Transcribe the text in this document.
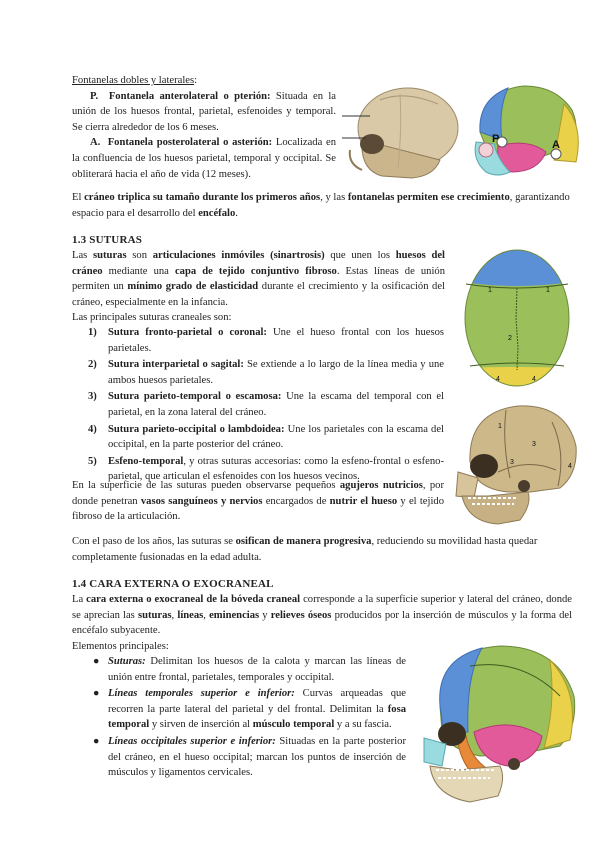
Fontanelas dobles y laterales:
P. Fontanela anterolateral o pterión: Situada en la unión de los huesos frontal, parietal, esfenoides y temporal. Se cierra alrededor de los 6 meses.
A. Fontanela posterolateral o asterión: Localizada en la confluencia de los huesos parietal, temporal y occipital. Se obliterará hacia el año de vida (12 meses).
P	A
El cráneo triplica su tamaño durante los primeros años, y las fontanelas permiten ese crecimiento, garantizando espacio para el desarrollo del encéfalo.
1.3 SUTURAS
Las suturas son articulaciones inmóviles (sinartrosis) que unen los huesos del cráneo mediante una capa de tejido conjuntivo fibroso. Estas líneas de unión permiten un mínimo grado de elasticidad durante el crecimiento y la osificación del cráneo, especialmente en la infancia.
Las principales suturas craneales son:
1) Sutura fronto-parietal o coronal: Une el hueso frontal con los huesos parietales.
2) Sutura interparietal o sagital: Se extiende a lo largo de la línea media y une ambos huesos parietales.
3) Sutura parieto-temporal o escamosa: Une la escama del temporal con el parietal, en la zona lateral del cráneo.
4) Sutura parieto-occipital o lambdoidea: Une los parietales con la escama del occipital, en la parte posterior del cráneo.
5) Esfeno-temporal, y otras suturas accesorias: como la esfeno-frontal o esfeno-parietal, que articulan el esfenoides con los huesos vecinos.
1	1
2
4	4
1
3
3
4
En la superficie de las suturas pueden observarse pequeños agujeros nutricios, por donde penetran vasos sanguíneos y nervios encargados de nutrir el hueso y el tejido fibroso de la articulación.
Con el paso de los años, las suturas se osifican de manera progresiva, reduciendo su movilidad hasta quedar completamente fusionadas en la edad adulta.
1.4 CARA EXTERNA O EXOCRANEAL
La cara externa o exocraneal de la bóveda craneal corresponde a la superficie superior y lateral del cráneo, donde se aprecian las suturas, líneas, eminencias y relieves óseos producidos por la inserción de músculos y la forma del encéfalo subyacente.
Elementos principales:
● Suturas: Delimitan los huesos de la calota y marcan las líneas de unión entre frontal, parietales, temporales y occipital.
● Líneas temporales superior e inferior: Curvas arqueadas que recorren la parte lateral del parietal y del frontal. Delimitan la fosa temporal y sirven de inserción al músculo temporal y a su fascia.
● Líneas occipitales superior e inferior: Situadas en la parte posterior del cráneo, en el hueso occipital; marcan los puntos de inserción de músculos y ligamentos cervicales.
